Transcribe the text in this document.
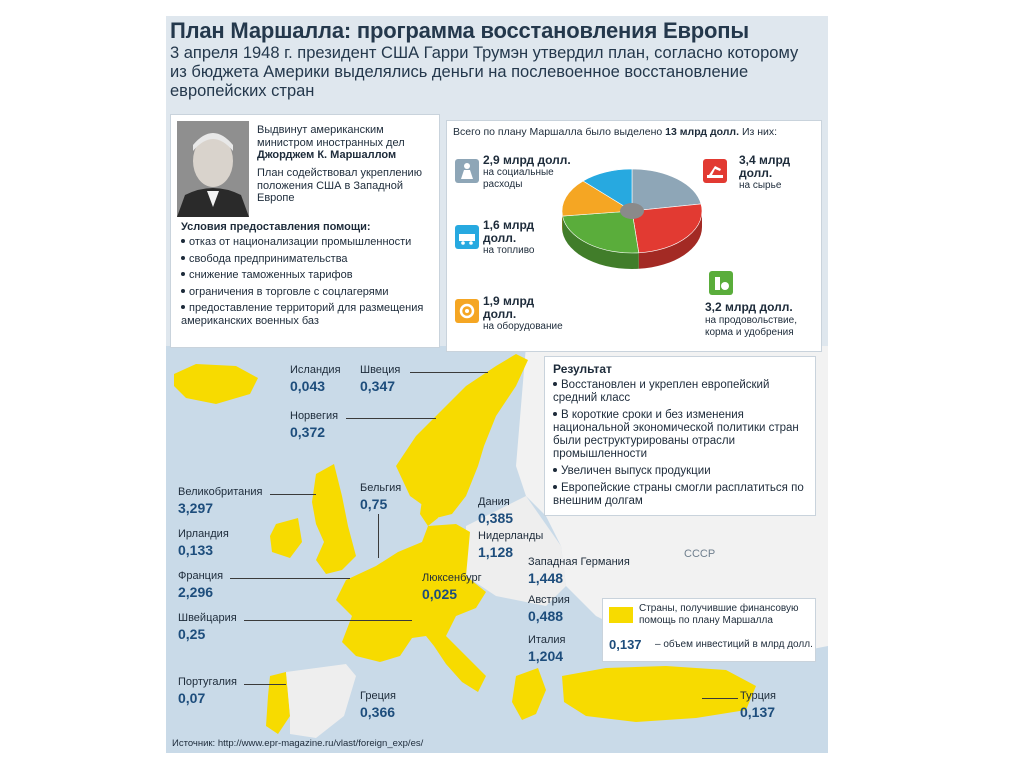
План Маршалла: программа восстановления Европы
3 апреля 1948 г. президент США Гарри Трумэн утвердил план, согласно которому из бюджета Америки выделялись деньги на послевоенное восстановление европейских стран
Выдвинут американским министром иностранных дел
Джорджем К. Маршаллом
План содействовал укреплению положения США в Западной Европе
Условия предоставления помощи:
отказ от национализации промышленности
свобода предпринимательства
снижение таможенных тарифов
ограничения в торговле с соцлагерями
предоставление территорий для размещения американских военных баз
Всего по плану Маршалла было выделено 13 млрд долл. Из них:
2,9 млрд долл.
на социальные расходы
3,4 млрд долл.
на сырье
1,6 млрд долл.
на топливо
1,9 млрд долл.
на оборудование
3,2 млрд долл.
на продовольствие, корма и удобрения
Результат
Восстановлен и укреплен европейский средний класс
В короткие сроки и без изменения национальной экономической политики стран были реструктурированы отрасли промышленности
Увеличен выпуск продукции
Европейские страны смогли расплатиться по внешним долгам
Страны, получившие финансовую помощь по плану Маршалла
0,137 – объем инвестиций в млрд долл.
СССР
Исландия
0,043
Швеция
0,347
Норвегия
0,372
Великобритания
3,297
Бельгия
0,75	Дания
0,385
Ирландия
0,133
Нидерланды
1,128
Франция
2,296
Люксенбург
0,025
Западная Германия
1,448
Австрия
0,488
Швейцария
0,25	Италия
1,204
Португалия
0,07	Греция
0,366
Турция
0,137
Источник: http://www.epr-magazine.ru/vlast/foreign_exp/es/
